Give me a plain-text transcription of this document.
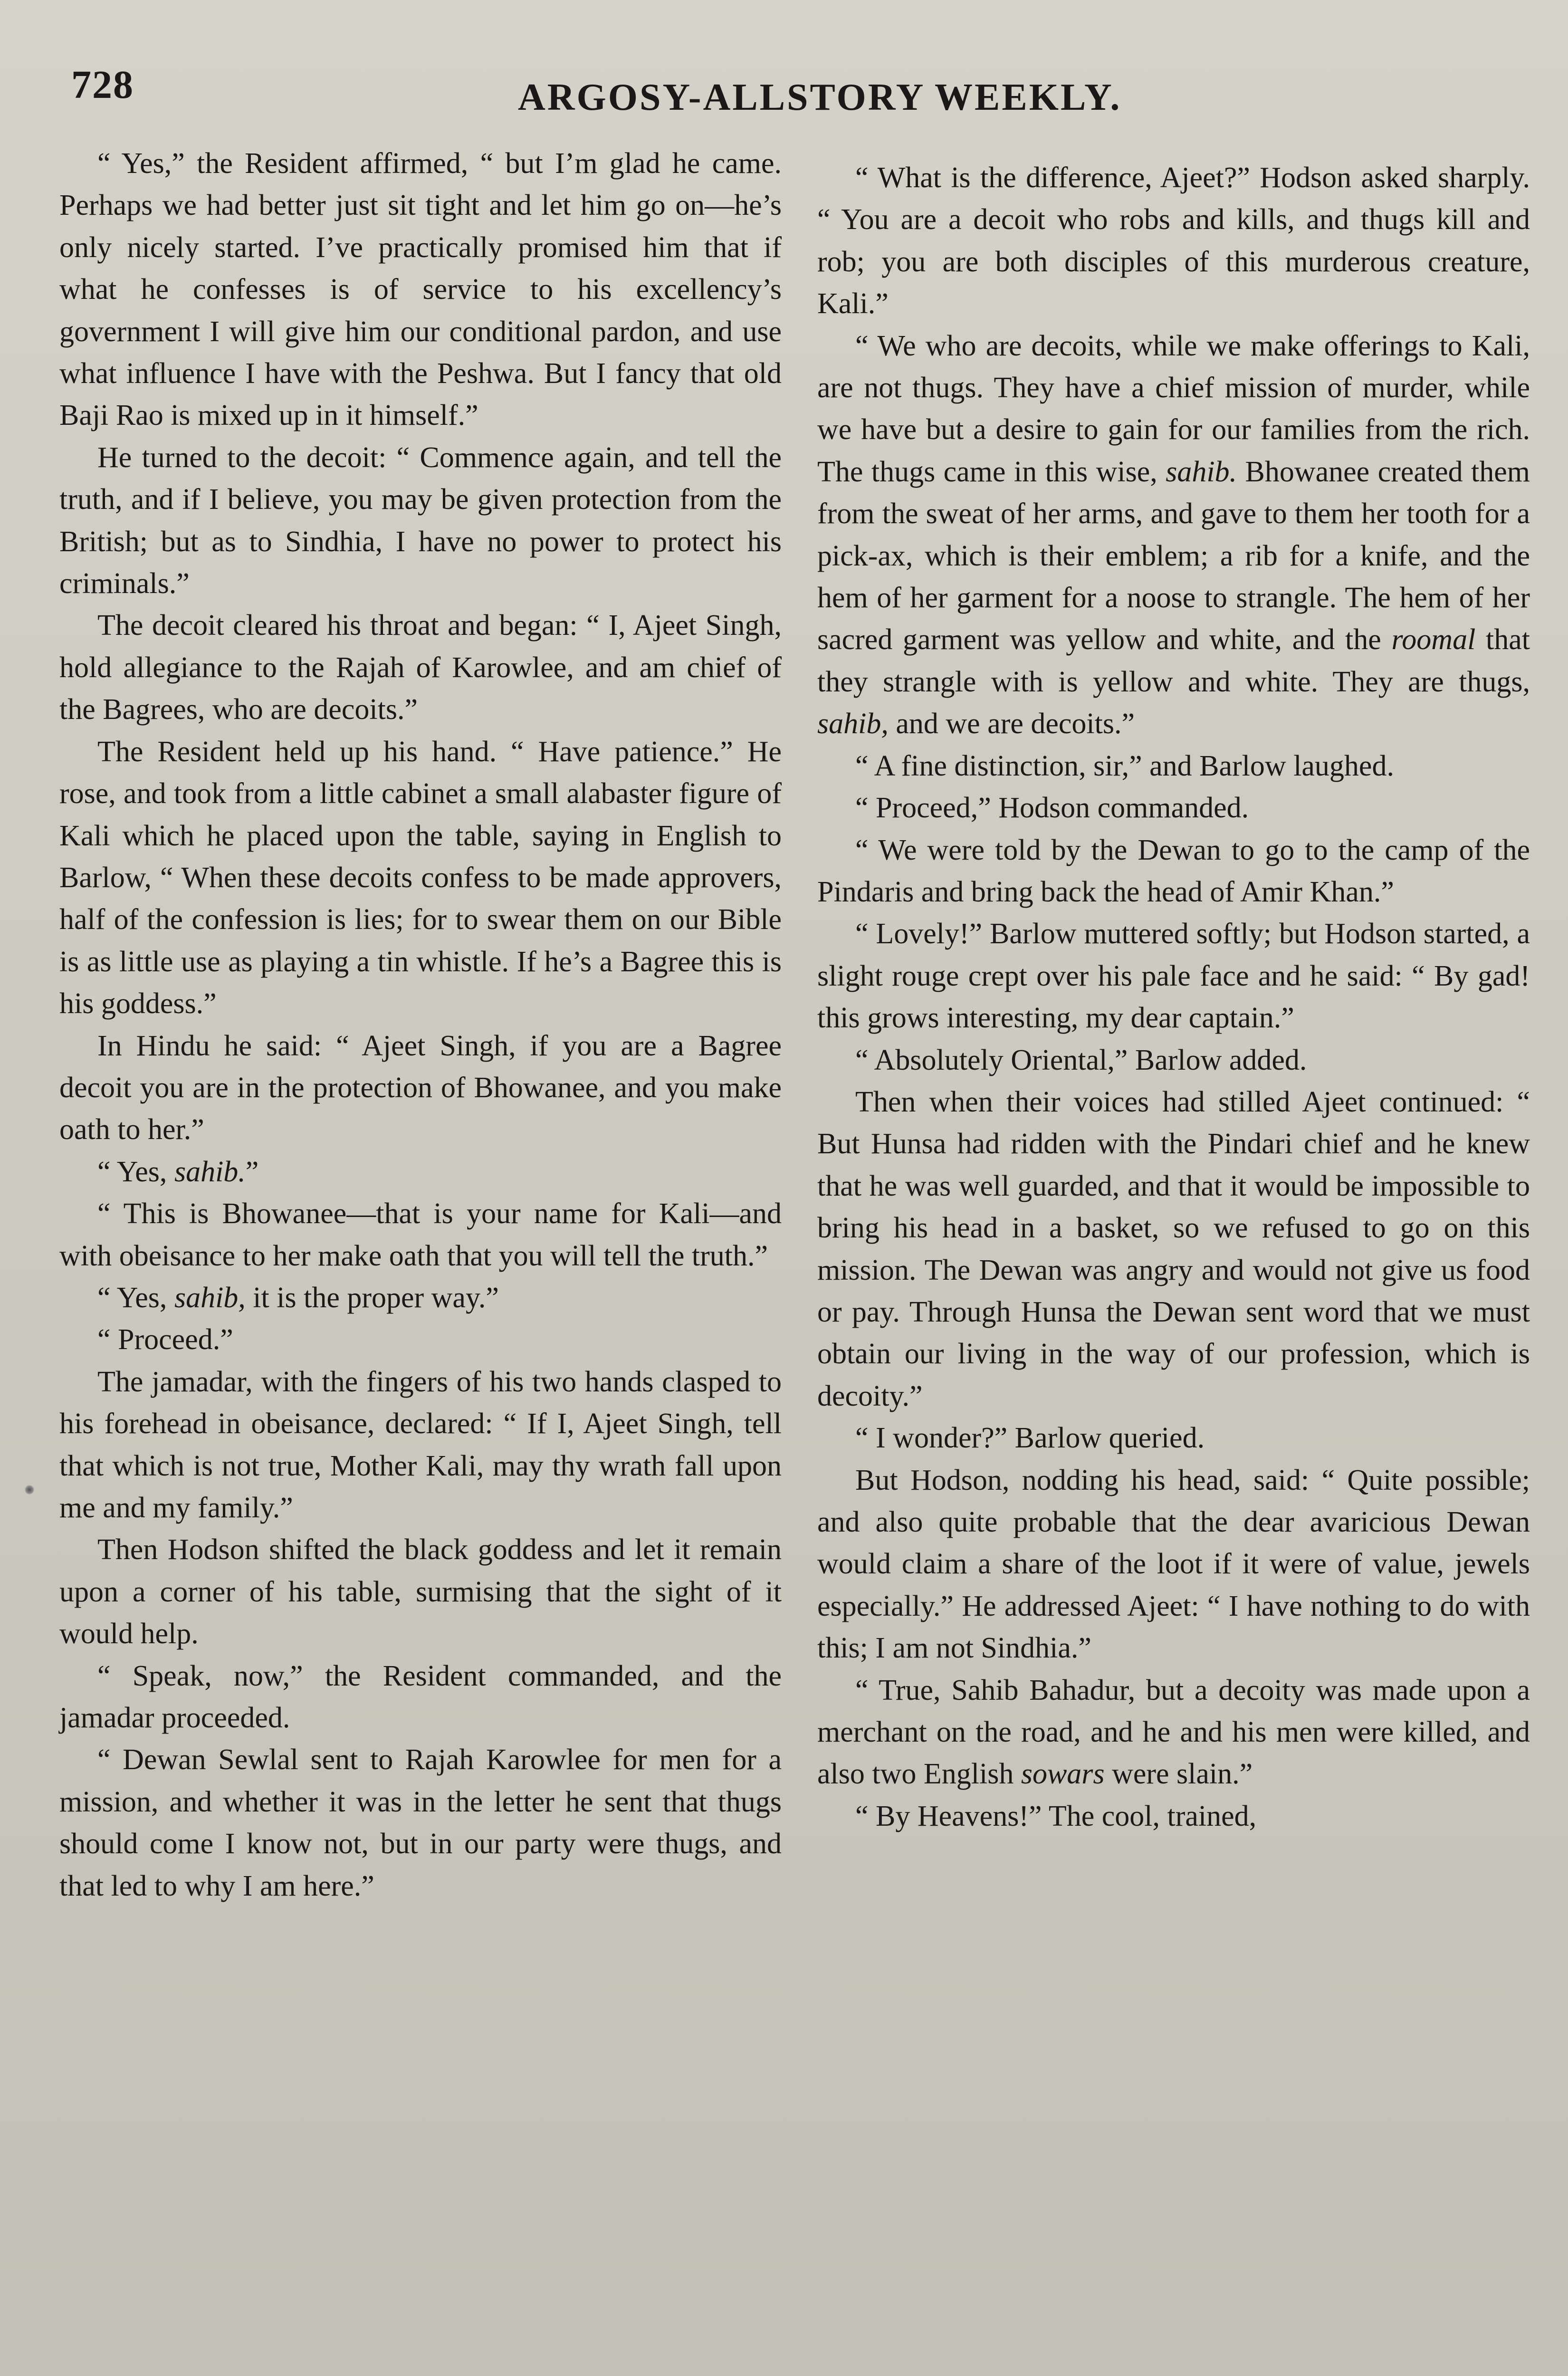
728	ARGOSY-ALLSTORY WEEKLY.

“ Yes,” the Resident affirmed, “ but I’m glad he came. Perhaps we had better just sit tight and let him go on—he’s only nicely started. I’ve practically promised him that if what he confesses is of service to his excellency’s government I will give him our conditional pardon, and use what influence I have with the Peshwa. But I fancy that old Baji Rao is mixed up in it himself.”

He turned to the decoit: “ Commence again, and tell the truth, and if I believe, you may be given protection from the British; but as to Sindhia, I have no power to protect his criminals.”

The decoit cleared his throat and began: “ I, Ajeet Singh, hold allegiance to the Rajah of Karowlee, and am chief of the Bagrees, who are decoits.”

The Resident held up his hand. “ Have patience.” He rose, and took from a little cabinet a small alabaster figure of Kali which he placed upon the table, saying in English to Barlow, “ When these decoits confess to be made approvers, half of the confession is lies; for to swear them on our Bible is as little use as playing a tin whistle. If he’s a Bagree this is his goddess.”

In Hindu he said: “ Ajeet Singh, if you are a Bagree decoit you are in the protection of Bhowanee, and you make oath to her.”

“ Yes, sahib.”

“ This is Bhowanee—that is your name for Kali—and with obeisance to her make oath that you will tell the truth.”

“ Yes, sahib, it is the proper way.”

“ Proceed.”

The jamadar, with the fingers of his two hands clasped to his forehead in obeisance, declared: “ If I, Ajeet Singh, tell that which is not true, Mother Kali, may thy wrath fall upon me and my family.”

Then Hodson shifted the black goddess and let it remain upon a corner of his table, surmising that the sight of it would help.

“ Speak, now,” the Resident commanded, and the jamadar proceeded.

“ Dewan Sewlal sent to Rajah Karowlee for men for a mission, and whether it was in the letter he sent that thugs should come I know not, but in our party were thugs, and that led to why I am here.”

“ What is the difference, Ajeet?” Hodson asked sharply. “ You are a decoit who robs and kills, and thugs kill and rob; you are both disciples of this murderous creature, Kali.”

“ We who are decoits, while we make offerings to Kali, are not thugs. They have a chief mission of murder, while we have but a desire to gain for our families from the rich. The thugs came in this wise, sahib. Bhowanee created them from the sweat of her arms, and gave to them her tooth for a pick-ax, which is their emblem; a rib for a knife, and the hem of her garment for a noose to strangle. The hem of her sacred garment was yellow and white, and the roomal that they strangle with is yellow and white. They are thugs, sahib, and we are decoits.”

“ A fine distinction, sir,” and Barlow laughed.

“ Proceed,” Hodson commanded.

“ We were told by the Dewan to go to the camp of the Pindaris and bring back the head of Amir Khan.”

“ Lovely!” Barlow muttered softly; but Hodson started, a slight rouge crept over his pale face and he said: “ By gad! this grows interesting, my dear captain.”

“ Absolutely Oriental,” Barlow added.

Then when their voices had stilled Ajeet continued: “ But Hunsa had ridden with the Pindari chief and he knew that he was well guarded, and that it would be impossible to bring his head in a basket, so we refused to go on this mission. The Dewan was angry and would not give us food or pay. Through Hunsa the Dewan sent word that we must obtain our living in the way of our profession, which is decoity.”

“ I wonder?” Barlow queried.

But Hodson, nodding his head, said: “ Quite possible; and also quite probable that the dear avaricious Dewan would claim a share of the loot if it were of value, jewels especially.” He addressed Ajeet: “ I have nothing to do with this; I am not Sindhia.”

“ True, Sahib Bahadur, but a decoity was made upon a merchant on the road, and he and his men were killed, and also two English sowars were slain.”

“ By Heavens!” The cool, trained,
